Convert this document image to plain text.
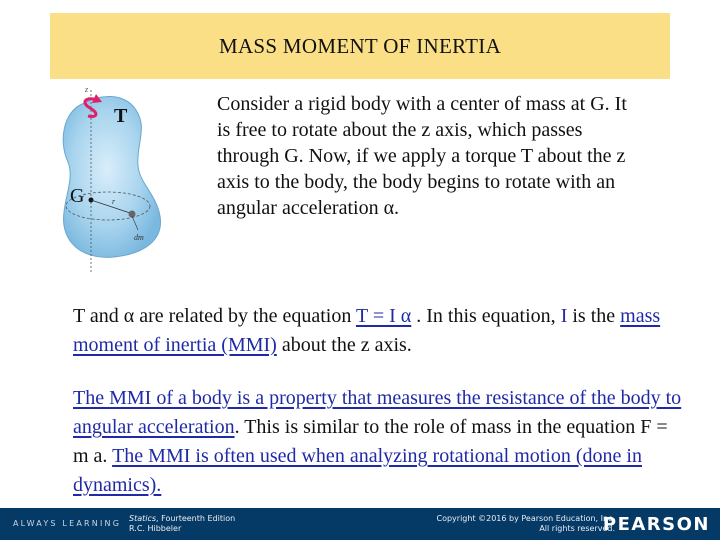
MASS MOMENT OF INERTIA
z
T
G	r
dm

Consider a rigid body with a center of mass at G. It is free to rotate about the z axis, which passes through G. Now, if we apply a torque T about the z axis to the body, the body begins to rotate with an angular acceleration α.

T and α are related by the equation T = I α . In this equation, I is the mass moment of inertia (MMI) about the z axis.

The MMI of a body is a property that measures the resistance of the body to angular acceleration. This is similar to the role of mass in the equation F = m a. The MMI is often used when analyzing rotational motion (done in dynamics).

ALWAYS LEARNING
Statics, Fourteenth Edition
R.C. Hibbeler
Copyright ©2016 by Pearson Education, Inc.
All rights reserved.
PEARSON
